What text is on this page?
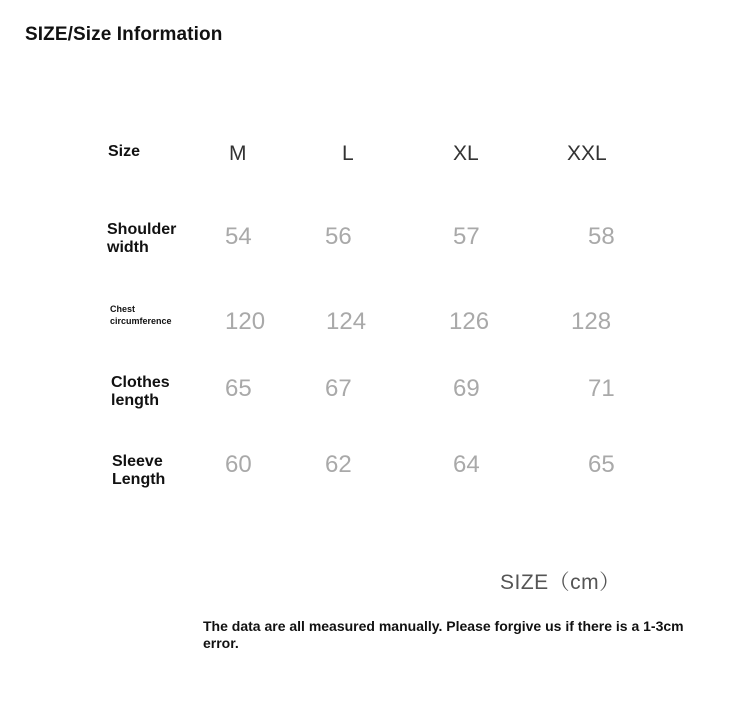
SIZE/Size Information
Size	M	L	XL	XXL
Shoulder
width	54	56	57	58
Chest
circumference 120	124	126	128
Clothes
length	65	67	69	71
Sleeve
Length
60	62	64	65
SIZE（cm）
The data are all measured manually. Please forgive us if there is a 1-3cm error.
